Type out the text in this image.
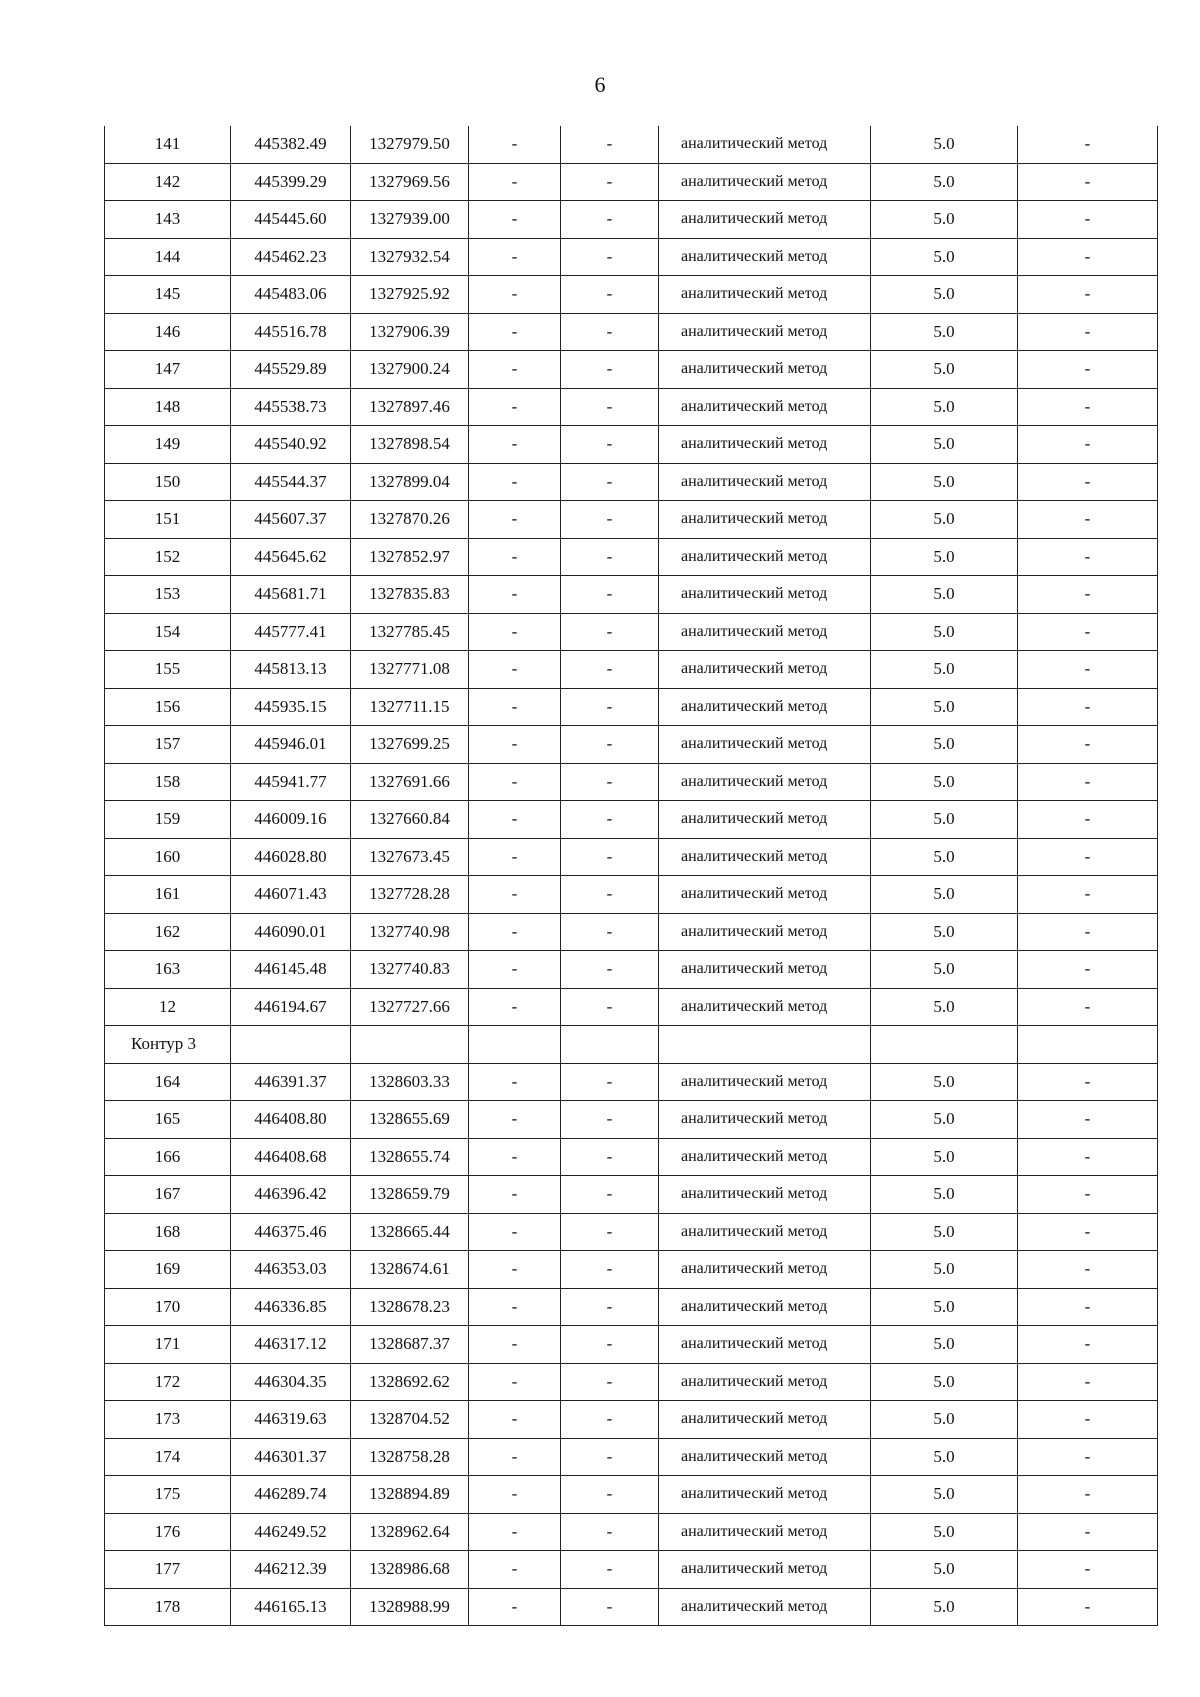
6
141	445382.49	1327979.50	-	-	аналитический метод	5.0	-
142	445399.29	1327969.56	-	-	аналитический метод	5.0	-
143	445445.60	1327939.00	-	-	аналитический метод	5.0	-
144	445462.23	1327932.54	-	-	аналитический метод	5.0	-
145	445483.06	1327925.92	-	-	аналитический метод	5.0	-
146	445516.78	1327906.39	-	-	аналитический метод	5.0	-
147	445529.89	1327900.24	-	-	аналитический метод	5.0	-
148	445538.73	1327897.46	-	-	аналитический метод	5.0	-
149	445540.92	1327898.54	-	-	аналитический метод	5.0	-
150	445544.37	1327899.04	-	-	аналитический метод	5.0	-
151	445607.37	1327870.26	-	-	аналитический метод	5.0	-
152	445645.62	1327852.97	-	-	аналитический метод	5.0	-
153	445681.71	1327835.83	-	-	аналитический метод	5.0	-
154	445777.41	1327785.45	-	-	аналитический метод	5.0	-
155	445813.13	1327771.08	-	-	аналитический метод	5.0	-
156	445935.15	1327711.15	-	-	аналитический метод	5.0	-
157	445946.01	1327699.25	-	-	аналитический метод	5.0	-
158	445941.77	1327691.66	-	-	аналитический метод	5.0	-
159	446009.16	1327660.84	-	-	аналитический метод	5.0	-
160	446028.80	1327673.45	-	-	аналитический метод	5.0	-
161	446071.43	1327728.28	-	-	аналитический метод	5.0	-
162	446090.01	1327740.98	-	-	аналитический метод	5.0	-
163	446145.48	1327740.83	-	-	аналитический метод	5.0	-
12	446194.67	1327727.66	-	-	аналитический метод	5.0	-
Контур 3							
164	446391.37	1328603.33	-	-	аналитический метод	5.0	-
165	446408.80	1328655.69	-	-	аналитический метод	5.0	-
166	446408.68	1328655.74	-	-	аналитический метод	5.0	-
167	446396.42	1328659.79	-	-	аналитический метод	5.0	-
168	446375.46	1328665.44	-	-	аналитический метод	5.0	-
169	446353.03	1328674.61	-	-	аналитический метод	5.0	-
170	446336.85	1328678.23	-	-	аналитический метод	5.0	-
171	446317.12	1328687.37	-	-	аналитический метод	5.0	-
172	446304.35	1328692.62	-	-	аналитический метод	5.0	-
173	446319.63	1328704.52	-	-	аналитический метод	5.0	-
174	446301.37	1328758.28	-	-	аналитический метод	5.0	-
175	446289.74	1328894.89	-	-	аналитический метод	5.0	-
176	446249.52	1328962.64	-	-	аналитический метод	5.0	-
177	446212.39	1328986.68	-	-	аналитический метод	5.0	-
178	446165.13	1328988.99	-	-	аналитический метод	5.0	-
